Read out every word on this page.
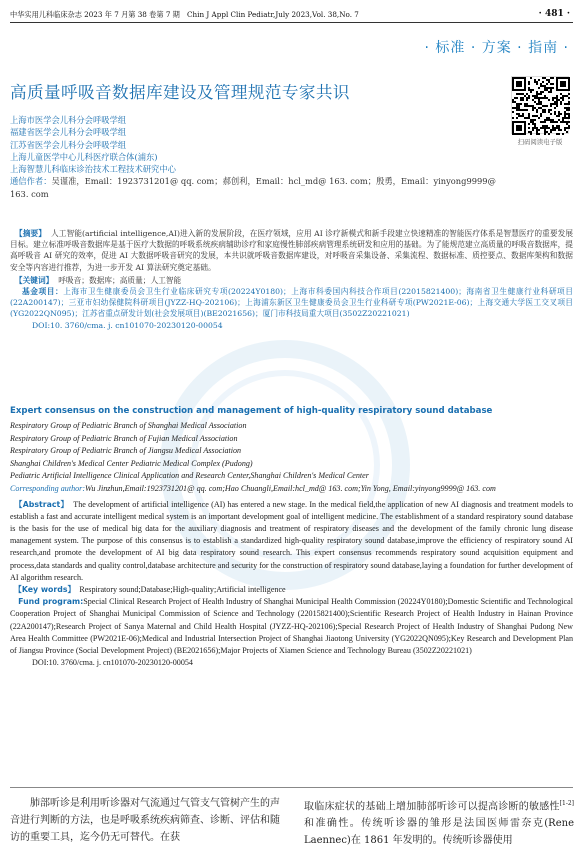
中华实用儿科临床杂志 2023 年 7 月第 38 卷第 7 期　Chin J Appl Clin Pediatr,July 2023,Vol. 38,No. 7	· 481 ·
· 标准 · 方案 · 指南 ·
高质量呼吸音数据库建设及管理规范专家共识
扫码阅读电子版
上海市医学会儿科分会呼吸学组
福建省医学会儿科分会呼吸学组
江苏省医学会儿科分会呼吸学组
上海儿童医学中心儿科医疗联合体(浦东)
上海智慧儿科临床诊治技术工程技术研究中心
通信作者：吴谨准，Email：1923731201@ qq. com；郝创利，Email：hcl_md@ 163. com；殷勇，Email：yinyong9999@ 163. com
【摘要】 人工智能(artificial intelligence,AI)进入新的发展阶段，在医疗领域，应用 AI 诊疗新模式和新手段建立快速精准的智能医疗体系是智慧医疗的重要发展目标。建立标准呼吸音数据库是基于医疗大数据的呼吸系统疾病辅助诊疗和家庭慢性肺部疾病管理系统研发和应用的基础。为了能规范建立高质量的呼吸音数据库，提高呼吸音 AI 研究的效率，促进 AI 大数据呼吸音研究的发展，本共识就呼吸音数据库建设，对呼吸音采集设备、采集流程、数据标准、质控要点、数据库架构和数据安全等内容进行推荐，为进一步开发 AI 算法研究奠定基础。
【关键词】 呼吸音；数据库；高质量；人工智能
基金项目：上海市卫生健康委员会卫生行业临床研究专项(20224Y0180)；上海市科委国内科技合作项目(22015821400)；海南省卫生健康行业科研项目(22A200147)；三亚市妇幼保健院科研项目(JYZZ-HQ-202106)；上海浦东新区卫生健康委员会卫生行业科研专项(PW2021E-06)；上海交通大学医工交叉项目(YG2022QN095)；江苏省重点研发计划(社会发展项目)(BE2021656)；厦门市科技局重大项目(3502Z20221021)
DOI:10. 3760/cma. j. cn101070-20230120-00054
Expert consensus on the construction and management of high-quality respiratory sound database
Respiratory Group of Pediatric Branch of Shanghai Medical Association
Respiratory Group of Pediatric Branch of Fujian Medical Association
Respiratory Group of Pediatric Branch of Jiangsu Medical Association
Shanghai Children's Medical Center Pediatric Medical Complex (Pudong)
Pediatric Artificial Intelligence Clinical Application and Research Center,Shanghai Children's Medical Center
Corresponding author:Wu Jinzhun,Email:1923731201@ qq. com;Hao Chuangli,Email:hcl_md@ 163. com;Yin Yong, Email:yinyong9999@ 163. com
【Abstract】 The development of artificial intelligence (AI) has entered a new stage. In the medical field,the application of new AI diagnosis and treatment models to establish a fast and accurate intelligent medical system is an important development goal of intelligent medicine. The establishment of a standard respiratory sound database is the basis for the use of medical big data for the auxiliary diagnosis and treatment of respiratory diseases and the development of the family chronic lung disease management system. The purpose of this consensus is to establish a standardized high-quality respiratory sound database,improve the efficiency of respiratory sound AI research,and promote the development of AI big data respiratory sound research. This expert consensus recommends respiratory sound acquisition equipment and process,data standards and quality control,database architecture and security for the construction of respiratory sound database,laying a foundation for further development of AI algorithm research.
【Key words】 Respiratory sound;Database;High-quality;Artificial intelligence
Fund program:Special Clinical Research Project of Health Industry of Shanghai Municipal Health Commission (20224Y0180);Domestic Scientific and Technological Cooperation Project of Shanghai Municipal Commission of Science and Technology (22015821400);Scientific Research Project of Health Industry in Hainan Province (22A200147);Research Project of Sanya Maternal and Child Health Hospital (JYZZ-HQ-202106);Special Research Project of Health Industry of Shanghai Pudong New Area Health Committee (PW2021E-06);Medical and Industrial Intersection Project of Shanghai Jiaotong University (YG2022QN095);Key Research and Development Plan of Jiangsu Province (Social Development Project) (BE2021656);Major Projects of Xiamen Science and Technology Bureau (3502Z20221021)
DOI:10. 3760/cma. j. cn101070-20230120-00054
肺部听诊是利用听诊器对气流通过气管支气管树产生的声音进行判断的方法，也是呼吸系统疾病筛查、诊断、评估和随访的重要工具，迄今仍无可替代。在获
取临床症状的基础上增加肺部听诊可以提高诊断的敏感性[1-2]和准确性。传统听诊器的雏形是法国医师雷奈克(Rene Laennec)在 1861 年发明的。传统听诊器使用
